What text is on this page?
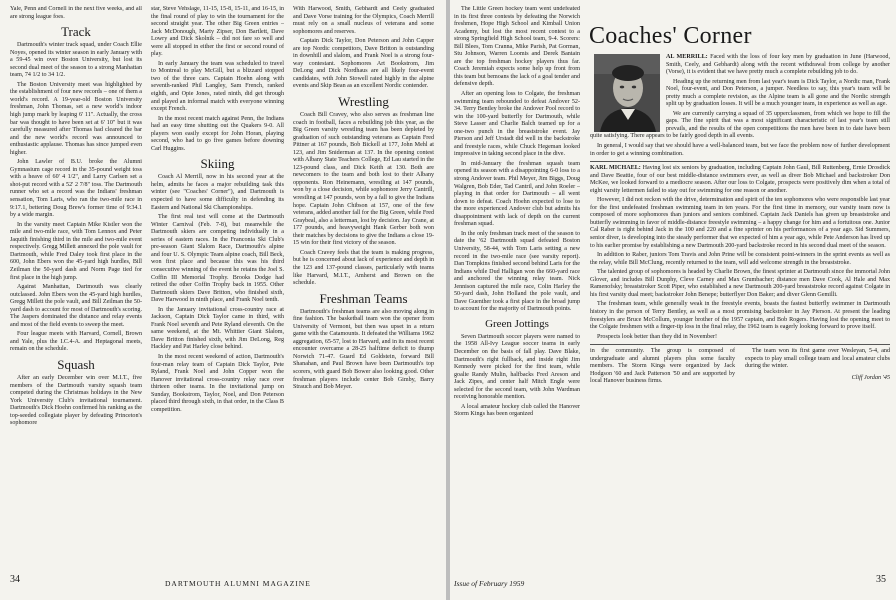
Yale, Penn and Cornell in the next five weeks, and all are strong league foes.

Track

Dartmouth's winter track squad, under Coach Ellie Noyes, opened its winter season in early January with a 59-45 win over Boston University, but lost its second dual meet of the season to a strong Manhattan team, 74 1/2 to 34 1/2.

The Boston University meet was highlighted by the establishment of four new records – one of them a world's record. A 19-year-old Boston University freshman, John Thomas, set a new world's indoor high jump mark by leaping 6' 11". Actually, the cross bar was thought to have been set at 6' 10" but it was carefully measured after Thomas had cleared the bar and the new world's record was announced to enthusiastic applause. Thomas has since jumped even higher.

John Lawler of B.U. broke the Alumni Gymnasium cage record in the 35-pound weight toss with a heave of 60' 4 1/2", and Larry Carlsen set a shot-put record with a 52' 2 7/8" toss. The Dartmouth runner who set a record was the Indians' freshman sensation, Tom Laris, who ran the two-mile race in 9:17.1, bettering Doug Brew's former time of 9:34.1 by a wide margin.

In the varsity meet Captain Mike Kistler won the mile and two-mile race, with Tom Lennox and Peter Jaquith finishing third in the mile and two-mile event respectively. Gregg Millett annexed the pole vault for Dartmouth, while Fred Daley took first place in the 600, John Ebers won the 45-yard high hurdles, Bill Zeilman the 50-yard dash and Norm Page tied for first place in the high jump.

Against Manhattan, Dartmouth was clearly outclassed. John Ebers won the 45-yard high hurdles, Gregg Millett the pole vault, and Bill Zeilman the 50-yard dash to account for most of Dartmouth's scoring. The Jaspers dominated the distance and relay events and most of the field events to sweep the meet.

Four league meets with Harvard, Cornell, Brown and Yale, plus the I.C.4-A. and Heptagonal meets, remain on the schedule.

Squash

After an early December win over M.I.T., five members of the Dartmouth varsity squash team competed during the Christmas holidays in the New York University Club's invitational tournament. Dartmouth's Dick Hoehn confirmed his ranking as the top-seeded collegiate player by defeating Princeton's sophomore

star, Steve Vehslage, 11-15, 15-8, 15-11, and 16-15, in the final round of play to win the tournament for the second straight year. The other Big Green entries – Jack McDonough, Marty Zipser, Don Bartlett, Dave Lowry and Dick Skolnik – did not fare so well and were all stopped in either the first or second round of play.

In early January the team was scheduled to travel to Montreal to play McGill, but a blizzard stopped two of the three cars. Captain Hoehn along with seventh-ranked Phil Langley, Sam French, ranked eighth, and Opie Jones, rated ninth, did get through and played an informal match with everyone winning except French.

In the most recent match against Penn, the Indians had an easy time shutting out the Quakers 9-0. All players won easily except for John Horan, playing second, who had to go five games before downing Carl Huggins.

Skiing

Coach Al Merrill, now in his second year at the helm, admits he faces a major rebuilding task this winter (see "Coaches' Corner"), and Dartmouth is expected to have some difficulty in defending its Eastern and National Ski Championships.

The first real test will come at the Dartmouth Winter Carnival (Feb. 7-8), but meanwhile the Dartmouth skiers are competing individually in a series of eastern races. In the Franconia Ski Club's pre-season Giant Slalom Race, Dartmouth's alpine and four U. S. Olympic Team alpine coach, Bill Beck, won first place and because this was his third consecutive winning of the event he retains the Joel S. Coffin III Memorial Trophy. Brooks Dodge had retired the other Coffin Trophy back in 1955. Other Dartmouth skiers Dave Britton, who finished sixth, Dave Harwood in ninth place, and Frank Noel tenth.

In the January invitational cross-country race at Jackson, Captain Dick Taylor came in third, with Frank Noel seventh and Pete Ryland eleventh. On the same weekend, at the Mt. Whittier Giant Slalom, Dave Britton finished sixth, with Jim DeLong, Reg Hackley and Pat Harley close behind.

In the most recent weekend of action, Dartmouth's four-man relay team of Captain Dick Taylor, Pete Ryland, Frank Noel and John Copper won the Hanover invitational cross-country relay race over thirteen other teams. In the invitational jump on Sunday, Bookstrom, Taylor, Noel, and Don Peterson placed third through sixth, in that order, in the Class B competition.

With Harwood, Smith, Gebhardt and Ceely graduated and Dave Vorse training for the Olympics, Coach Merrill must rely on a small nucleus of veterans and some sophomores and reserves.

Captain Dick Taylor, Don Peterson and John Capper are top Nordic competitors, Dave Britton is outstanding in downhill and slalom, and Frank Noel is a strong four-way contestant. Sophomores Art Bookstrom, Jim DeLong and Dick Nordhaus are all likely four-event candidates, with John Stowell rated highly in the alpine events and Skip Bean as an excellent Nordic contender.

Wrestling

Coach Bill Cravey, who also serves as freshman line coach in football, faces a rebuilding job this year, as the Big Green varsity wrestling team has been depleted by graduation of such outstanding veterans as Captain Fred Pittner at 167 pounds, Bob Bickell at 177, John Mehl at 123, and Jim Sniderman at 137. In the opening contest with Albany State Teachers College, Ed Lau started in the 123-pound class, and Dick Keith at 130. Both are newcomers to the team and both lost to their Albany opponents. Ron Heinemann, wrestling at 147 pounds, won by a close decision, while sophomore Jerry Cantrill, wrestling at 147 pounds, won by a fall to give the Indians hope. Captain John Chibson at 157, one of the few veterans, added another fall for the Big Green, while Fred Graybeal, also a letterman, lost by decision. Jay Crane, at 177 pounds, and heavyweight Hank Gerber both won their matches by decisions to give the Indians a close 19-15 win for their first victory of the season.

Coach Cravey feels that the team is making progress, but he is concerned about lack of experience and depth in the 123 and 137-pound classes, particularly with teams like Harvard, M.I.T., Amherst and Brown on the schedule.

Freshman Teams

Dartmouth's freshman teams are also moving along in fine fashion. The basketball team won the opener from University of Vermont, but then was upset in a return game with the Catamounts. It defeated the Williams 1962 aggregation, 65-57, lost to Harvard, and in its most recent encounter overcame a 28-25 halftime deficit to thump Norwich 71-47. Guard Ed Goldstein, forward Bill Shanahan, and Paul Brown have been Dartmouth's top scorers, with guard Bob Bower also looking good. Other freshman players include center Bob Gimby, Barry Strauch and Bob Meyer.

34	DARTMOUTH ALUMNI MAGAZINE

The Little Green hockey team went undefeated in its first three contests by defeating the Norwich freshmen, Hope High School and Kimball Union Academy, but lost the most recent contest to a strong Springfield High School team, 9-4. Scorers: Bill Blees, Tom Cranna, Mike Parish, Pat Gorman, Stu Johnson, Warren Loomis and Derek Bantain are the top freshman hockey players thus far. Coach Jeremiah expects some help up front from this team but bemoans the lack of a goal tender and defensive depth.

After an opening loss to Colgate, the freshman swimming team rebounded to defeat Andover 52-34. Terry Bentley broke the Andover Pool record to win the 100-yard butterfly for Dartmouth, while Steve Lasser and Charlie Balch teamed up for a one-two punch in the breaststroke event. Jay Pierson and Jeff Urstadt did well in the backstroke and freestyle races, while Chuck Hegeman looked impressive in taking second place in the dive.

In mid-January the freshman squash team opened its season with a disappointing 6-0 loss to a strong Andover team. Phil Meyer, Jim Biggs, Doug Walgren, Bob Eder, Tad Cantril, and John Roeler – playing in that order for Dartmouth – all went down to defeat. Coach Hoehn expected to lose to the more experienced Andover club but admits his disappointment with lack of depth on the current freshman squad.

In the only freshman track meet of the season to date the '62 Dartmouth squad defeated Boston University, 58-44, with Tom Laris setting a new record in the two-mile race (see varsity report). Dan Tompkins finished second behind Laris for the Indians while Dud Halligan won the 660-yard race and anchored the winning relay team. Nick Jennison captured the mile race, Colin Harley the 50-yard dash, John Holland the pole vault, and Dave Guenther took a first place in the broad jump to account for the majority of Dartmouth points.

Green Jottings

Seven Dartmouth soccer players were named to the 1958 All-Ivy League soccer teams in early December on the basis of fall play. Dave Blake, Dartmouth's right fullback, and inside right Jim Kennedy were picked for the first team, while goalie Randy Mulin, halfbacks Fred Areson and Jack Zipes, and center half Mitch Engle were selected for the second team, with John Wardman receiving honorable mention.

A local amateur hockey club called the Hanover Storm Kings has been organized

Coaches' Corner

AL MERRILL: Faced with the loss of four key men by graduation in June (Harwood, Smith, Ceely, and Gebhardt) along with the recent withdrawal from college by another (Vorse), it is evident that we have pretty much a complete rebuilding job to do.

Heading up the returning men from last year's team is Dick Taylor, a Nordic man, Frank Noel, four-event, and Don Peterson, a jumper. Needless to say, this year's team will be pretty much a complete revision, as the Alpine team is all gone and the Nordic strength split up by graduation losses. It will be a much younger team, in experience as well as age.

We are currently carrying a squad of 35 upperclassmen, from which we hope to fill the gaps. The fine spirit that was a most significant characteristic of last year's team still prevails, and the results of the open competitions the men have been in to date have been quite satisfying. There appears to be fairly good depth in all events.

In general, I would say that we should have a well-balanced team, but we face the problem now of further development in order to get a winning combination.

KARL MICHAEL: Having lost six seniors by graduation, including Captain John Gaul, Bill Ruttenberg, Ernie Drosdick and Dave Beattie, four of our best middle-distance swimmers ever, as well as diver Bob Michael and backstroker Don McKee, we looked forward to a mediocre season. After our loss to Colgate, prospects were positively dim when a total of eight varsity lettermen failed to stay out for swimming for one reason or another.

However, I did not reckon with the drive, determination and spirit of the ten sophomores who were responsible last year for the first undefeated freshman swimming team in ten years. For the first time in memory, our varsity team now is composed of more sophomores than juniors and seniors combined. Captain Jack Daniels has given up breaststroke and butterfly swimming in favor of middle-distance freestyle swimming – a happy change for him and a fortuitous one. Junior Cal Raber is right behind Jack in the 100 and 220 and a fine sprinter on his performances of a year ago. Sid Summers, senior diver, is developing into the steady performer that we expected of him a year ago, while Pete Anderson has lived up to his earlier promise by establishing a new Dartmouth 200-yard backstroke record in his second dual meet of the season.

In addition to Raber, juniors Tom Travis and John Prine will be consistent point-winners in the sprint events as well as the relay, while Bill McClung, recently returned to the team, will add welcome strength in the breaststroke.

The talented group of sophomores is headed by Charlie Brown, the finest sprinter at Dartmouth since the immortal John Glover, and includes Bill Dunphy, Cleve Carney and Max Grumbacher; distance men Dave Cook, Al Hale and Max Ramenofsky; breaststroker Scott Piper, who established a new Dartmouth 200-yard breaststroke record against Colgate in his first varsity dual meet; backstroker John Benepe; butterflyer Don Baker; and diver Glenn Gemilli.

The freshman team, while generally weak in the freestyle events, boasts the fastest butterfly swimmer in Dartmouth history in the person of Terry Bentley, as well as a most promising backstroker in Jay Pierson. At present the leading freestylers are Bruce McCollum, younger brother of the 1957 captain, and Bob Rogers. Having lost the opening meet to the Colgate freshmen with a finger-tip loss in the final relay, the 1962 team is eagerly looking forward to prove itself.

Prospects look better than they did in November!

in the community. The group is composed of undergraduate and alumni players plus some faculty members. The Storm Kings were organized by Jack Hodgson '60 and Jack Patterson '50 and are supported by local Hanover business firms.

The team won its first game over Wesleyan, 5-4, and expects to play small college team and local amateur clubs during the winter.

Cliff Jordan '45
Issue of February 1959	35
